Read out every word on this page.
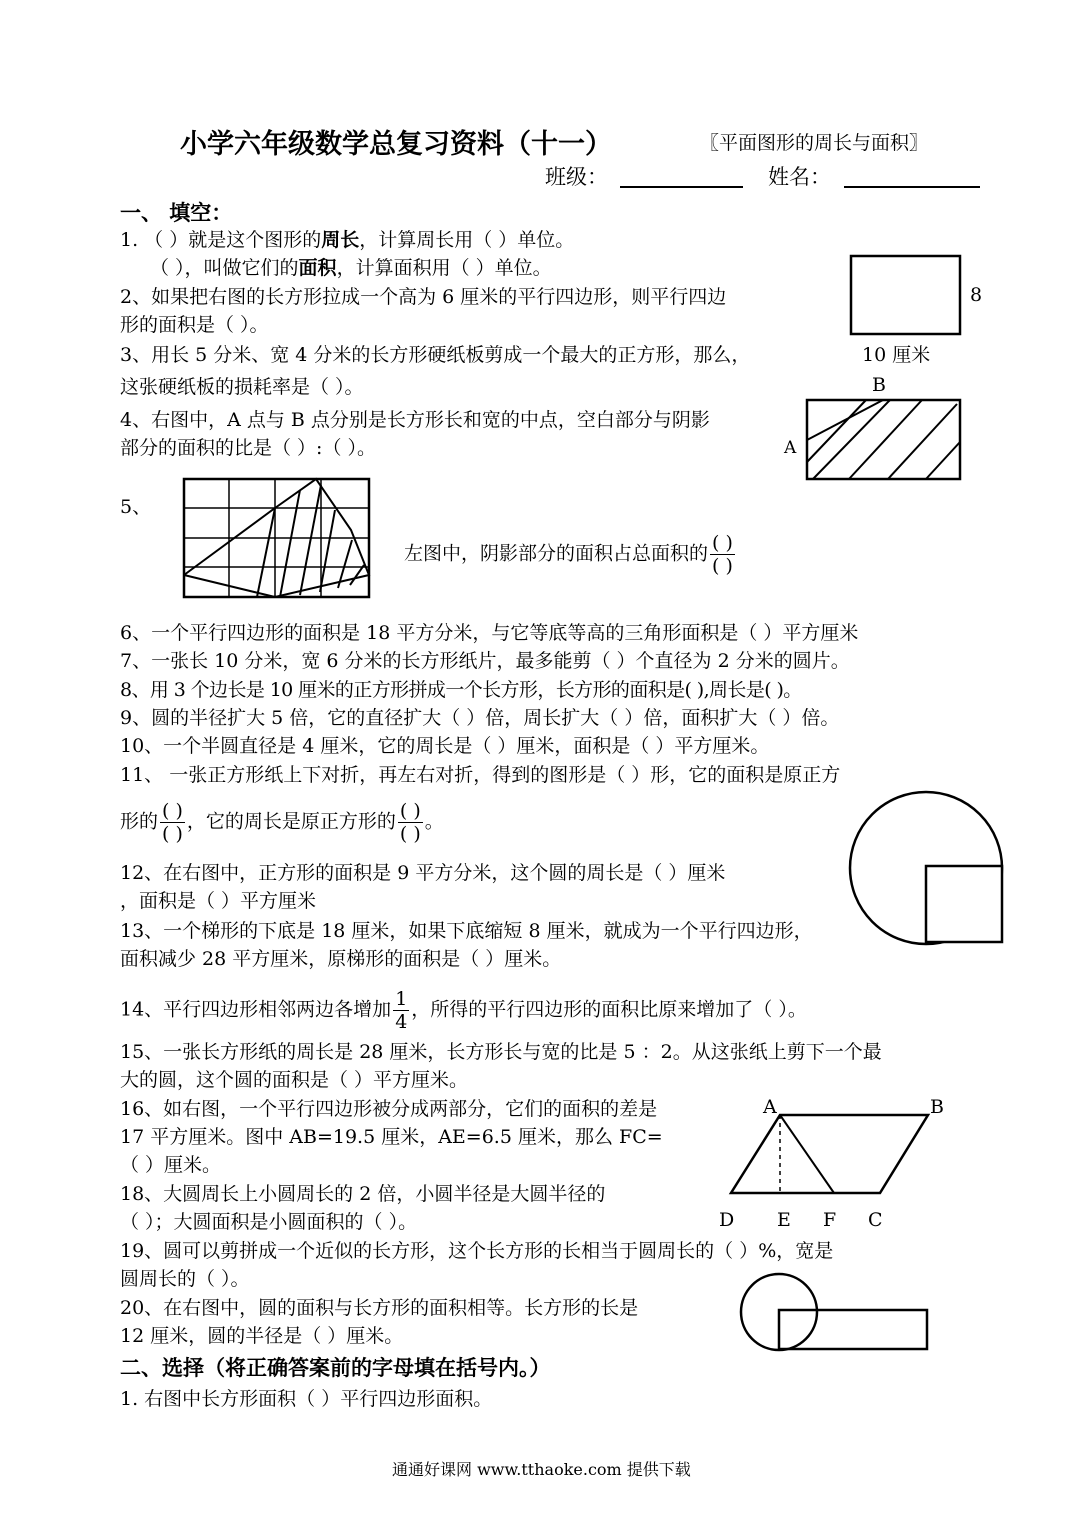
小学六年级数学总复习资料（十一）	〖平面图形的周长与面积〗
班级：	姓名：
一、 填空：
1. （ ）就是这个图形的周长，计算周长用（ ）单位。
（ ），叫做它们的面积，计算面积用（ ）单位。
2、如果把右图的长方形拉成一个高为 6 厘米的平行四边形，则平行四边
形的面积是（ ）。
3、用长 5 分米、宽 4 分米的长方形硬纸板剪成一个最大的正方形，那么，
这张硬纸板的损耗率是（ ）。
4、右图中，A 点与 B 点分别是长方形长和宽的中点，空白部分与阴影
部分的面积的比是（ ）:（ ）。
5、
左图中，阴影部分的面积占总面积的 $\frac{( )}{( )}$
6、一个平行四边形的面积是 18 平方分米，与它等底等高的三角形面积是（ ）平方厘米
7、一张长 10 分米，宽 6 分米的长方形纸片，最多能剪（ ）个直径为 2 分米的圆片。
8、用 3 个边长是 10 厘米的正方形拼成一个长方形，长方形的面积是( ),周长是( )。
9、圆的半径扩大 5 倍，它的直径扩大（ ）倍，周长扩大（ ）倍，面积扩大（ ）倍。
10、一个半圆直径是 4 厘米，它的周长是（ ）厘米，面积是（ ）平方厘米。
11、 一张正方形纸上下对折，再左右对折，得到的图形是（ ）形，它的面积是原正方
形的 $\frac{( )}{( )}$ ，它的周长是原正方形的 $\frac{( )}{( )}$ 。
12、在右图中，正方形的面积是 9 平方分米，这个圆的周长是（ ）厘米
，面积是（ ）平方厘米
13、一个梯形的下底是 18 厘米，如果下底缩短 8 厘米，就成为一个平行四边形，
面积减少 28 平方厘米，原梯形的面积是（ ）厘米。
14、平行四边形相邻两边各增加 $\frac{1}{4}$ ，所得的平行四边形的面积比原来增加了（ ）。
15、一张长方形纸的周长是 28 厘米，长方形长与宽的比是 5 ：2。从这张纸上剪下一个最
大的圆，这个圆的面积是（ ）平方厘米。
16、如右图，一个平行四边形被分成两部分，它们的面积的差是
17 平方厘米。图中 AB=19.5 厘米，AE=6.5 厘米，那么 FC=
（ ）厘米。
18、大圆周长上小圆周长的 2 倍，小圆半径是大圆半径的
（ ）；大圆面积是小圆面积的（ ）。
19、圆可以剪拼成一个近似的长方形，这个长方形的长相当于圆周长的（ ）%，宽是
圆周长的（ ）。
20、在右图中，圆的面积与长方形的面积相等。长方形的长是
12 厘米，圆的半径是（ ）厘米。
二、选择（将正确答案前的字母填在括号内。）
1. 右图中长方形面积（ ）平行四边形面积。
通通好课网 www.tthaoke.com 提供下载
8
10 厘米
B
A
A	B
D E F C
